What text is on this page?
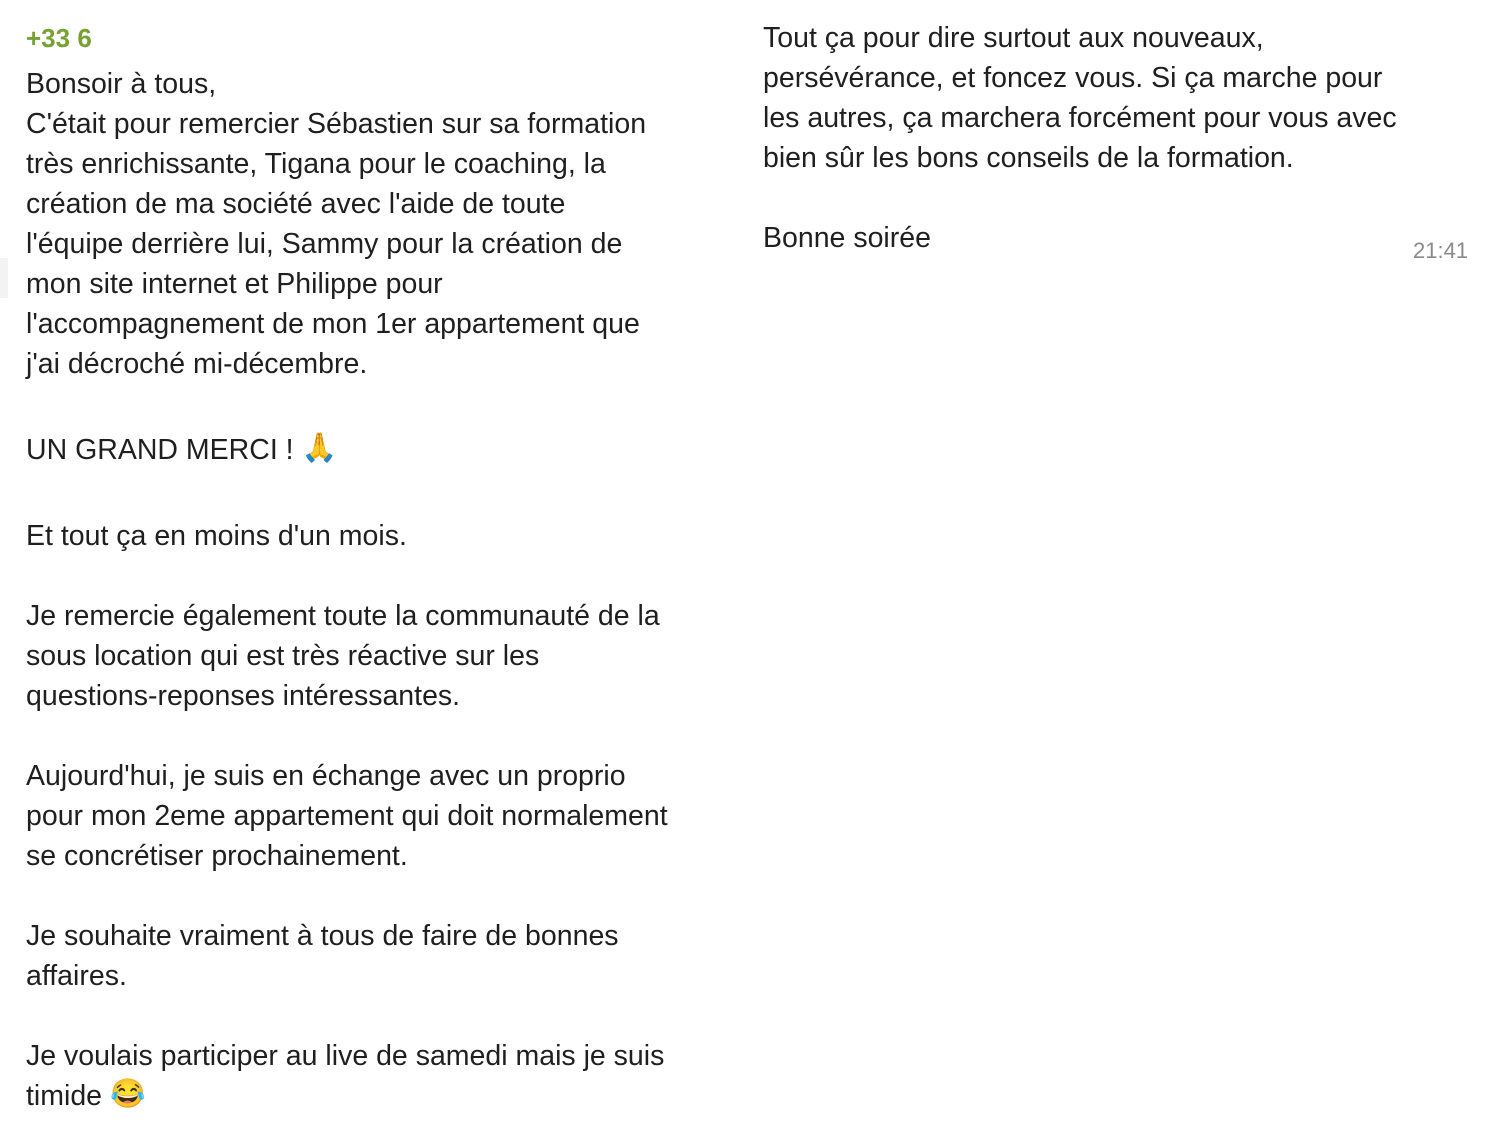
+33 6
Bonsoir à tous,
C'était pour remercier Sébastien sur sa formation
très enrichissante, Tigana pour le coaching, la
création de ma société avec l'aide de toute
l'équipe derrière lui, Sammy pour la création de
mon site internet et Philippe pour
l'accompagnement de mon 1er appartement que
j'ai décroché mi-décembre.
UN GRAND MERCI ! 🙏
Et tout ça en moins d'un mois.
Je remercie également toute la communauté de la
sous location qui est très réactive sur les
questions-reponses intéressantes.
Aujourd'hui, je suis en échange avec un proprio
pour mon 2eme appartement qui doit normalement
se concrétiser prochainement.
Je souhaite vraiment à tous de faire de bonnes
affaires.
Je voulais participer au live de samedi mais je suis
timide 😂
Tout ça pour dire surtout aux nouveaux,
persévérance, et foncez vous. Si ça marche pour
les autres, ça marchera forcément pour vous avec
bien sûr les bons conseils de la formation.
Bonne soirée	21:41
